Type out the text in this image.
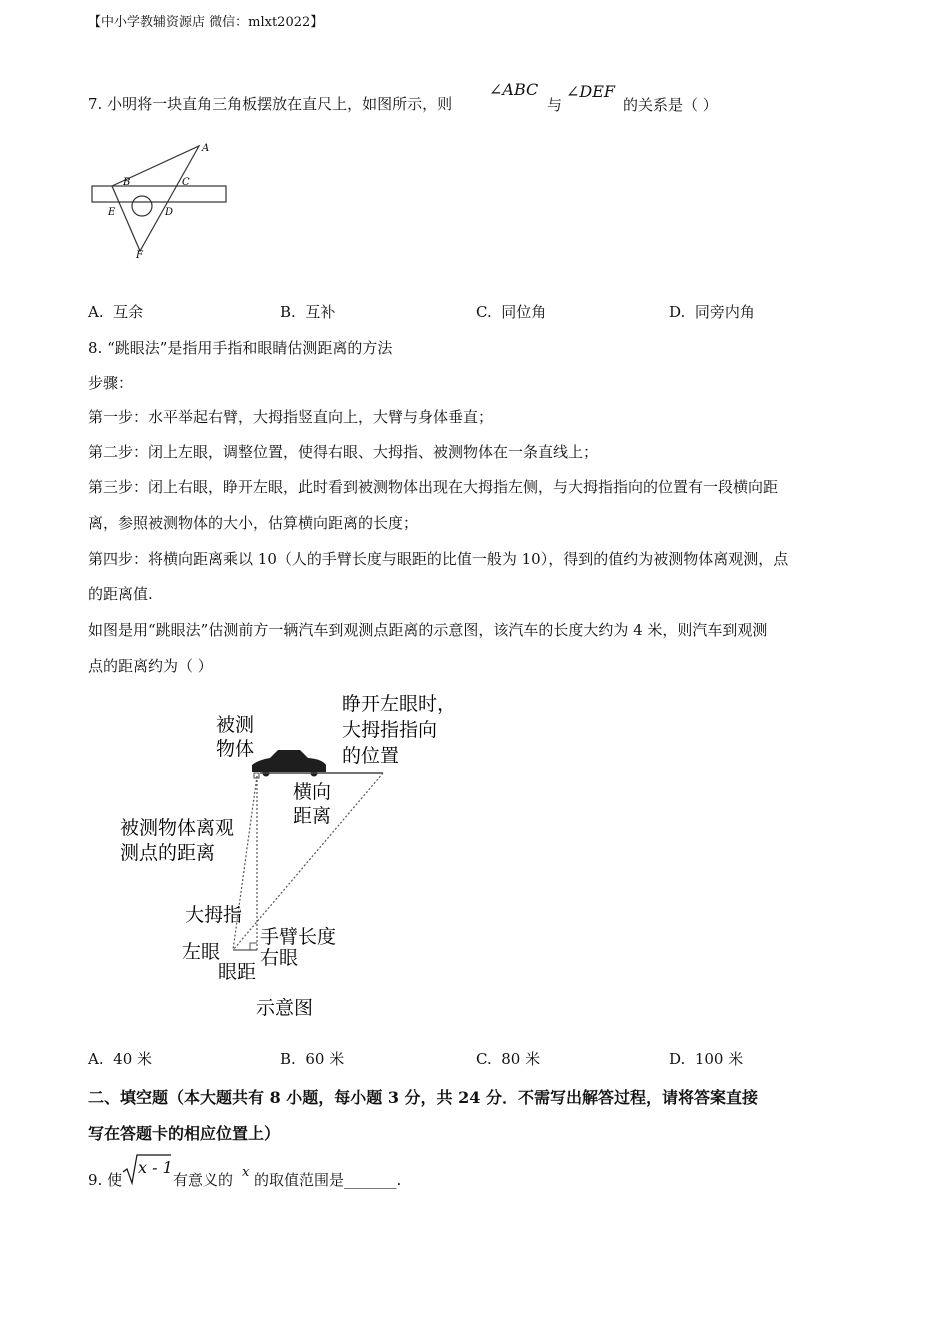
【中小学教辅资源店 微信：mlxt2022】
7. 小明将一块直角三角板摆放在直尺上，如图所示，则
∠ABC
与
∠DEF
的关系是（ ）
A
B	C
E	D
F
A. 互余	B. 互补	C. 同位角	D. 同旁内角
8. “跳眼法”是指用手指和眼睛估测距离的方法
步骤：
第一步：水平举起右臂，大拇指竖直向上，大臂与身体垂直；
第二步：闭上左眼，调整位置，使得右眼、大拇指、被测物体在一条直线上；
第三步：闭上右眼，睁开左眼，此时看到被测物体出现在大拇指左侧，与大拇指指向的位置有一段横向距
离，参照被测物体的大小，估算横向距离的长度；
第四步：将横向距离乘以 10（人的手臂长度与眼距的比值一般为 10），得到的值约为被测物体离观测，点
的距离值.
如图是用“跳眼法”估测前方一辆汽车到观测点距离的示意图，该汽车的长度大约为 4 米，则汽车到观测
点的距离约为（ ）
被测
物体
睁开左眼时，
大拇指指向
的位置
横向
距离
被测物体离观
测点的距离
大拇指
手臂长度
左眼 右眼
眼距
示意图
A. 40 米	B. 60 米	C. 80 米	D. 100 米
二、填空题（本大题共有 8 小题，每小题 3 分，共 24 分．不需写出解答过程，请将答案直接
写在答题卡的相应位置上）
9. 使
x - 1
有意义的 x 的取值范围是_______.
